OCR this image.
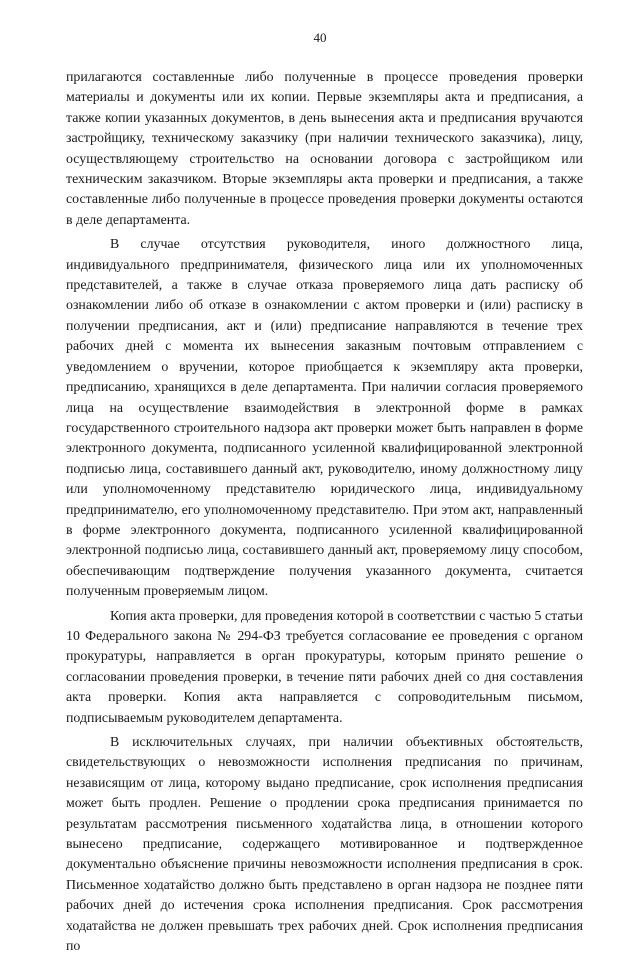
40

прилагаются составленные либо полученные в процессе проведения проверки материалы и документы или их копии. Первые экземпляры акта и предписания, а также копии указанных документов, в день вынесения акта и предписания вручаются застройщику, техническому заказчику (при наличии технического заказчика), лицу, осуществляющему строительство на основании договора с застройщиком или техническим заказчиком. Вторые экземпляры акта проверки и предписания, а также составленные либо полученные в процессе проведения проверки документы остаются в деле департамента.

В случае отсутствия руководителя, иного должностного лица, индивидуального предпринимателя, физического лица или их уполномоченных представителей, а также в случае отказа проверяемого лица дать расписку об ознакомлении либо об отказе в ознакомлении с актом проверки и (или) расписку в получении предписания, акт и (или) предписание направляются в течение трех рабочих дней с момента их вынесения заказным почтовым отправлением с уведомлением о вручении, которое приобщается к экземпляру акта проверки, предписанию, хранящихся в деле департамента. При наличии согласия проверяемого лица на осуществление взаимодействия в электронной форме в рамках государственного строительного надзора акт проверки может быть направлен в форме электронного документа, подписанного усиленной квалифицированной электронной подписью лица, составившего данный акт, руководителю, иному должностному лицу или уполномоченному представителю юридического лица, индивидуальному предпринимателю, его уполномоченному представителю. При этом акт, направленный в форме электронного документа, подписанного усиленной квалифицированной электронной подписью лица, составившего данный акт, проверяемому лицу способом, обеспечивающим подтверждение получения указанного документа, считается полученным проверяемым лицом.

Копия акта проверки, для проведения которой в соответствии с частью 5 статьи 10 Федерального закона № 294-ФЗ требуется согласование ее проведения с органом прокуратуры, направляется в орган прокуратуры, которым принято решение о согласовании проведения проверки, в течение пяти рабочих дней со дня составления акта проверки. Копия акта направляется с сопроводительным письмом, подписываемым руководителем департамента.

В исключительных случаях, при наличии объективных обстоятельств, свидетельствующих о невозможности исполнения предписания по причинам, независящим от лица, которому выдано предписание, срок исполнения предписания может быть продлен. Решение о продлении срока предписания принимается по результатам рассмотрения письменного ходатайства лица, в отношении которого вынесено предписание, содержащего мотивированное и подтвержденное документально объяснение причины невозможности исполнения предписания в срок. Письменное ходатайство должно быть представлено в орган надзора не позднее пяти рабочих дней до истечения срока исполнения предписания. Срок рассмотрения ходатайства не должен превышать трех рабочих дней. Срок исполнения предписания по
